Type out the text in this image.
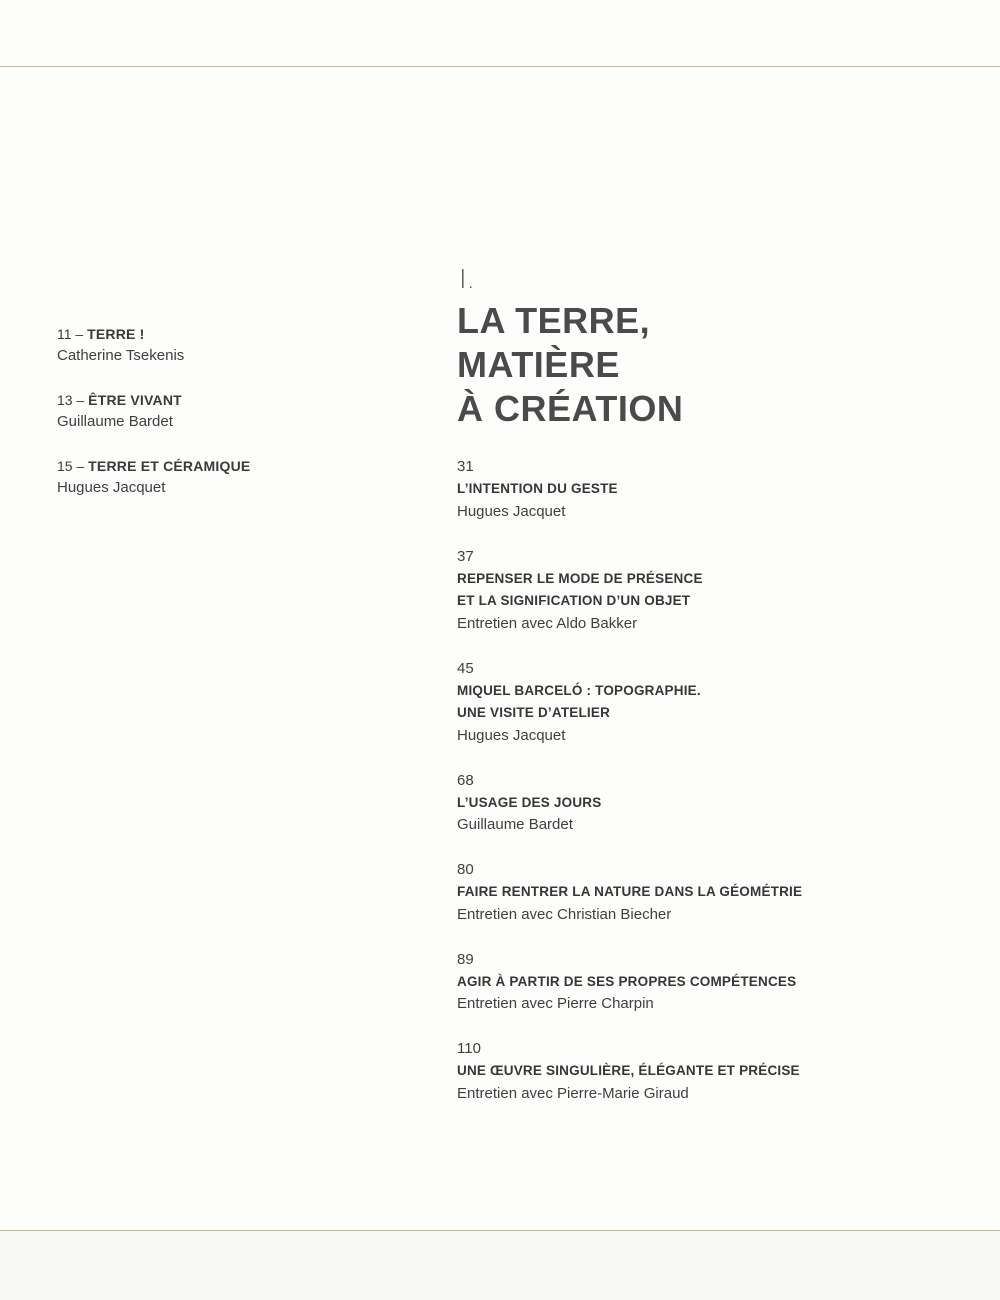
11 – TERRE !
Catherine Tsekenis
13 – ÊTRE VIVANT
Guillaume Bardet
15 – TERRE ET CÉRAMIQUE
Hugues Jacquet
I.
LA TERRE,
MATIÈRE
À CRÉATION
31
L’INTENTION DU GESTE
Hugues Jacquet
37
REPENSER LE MODE DE PRÉSENCE
ET LA SIGNIFICATION D’UN OBJET
Entretien avec Aldo Bakker
45
MIQUEL BARCELÓ : TOPOGRAPHIE.
UNE VISITE D’ATELIER
Hugues Jacquet
68
L’USAGE DES JOURS
Guillaume Bardet
80
FAIRE RENTRER LA NATURE DANS LA GÉOMÉTRIE
Entretien avec Christian Biecher
89
AGIR À PARTIR DE SES PROPRES COMPÉTENCES
Entretien avec Pierre Charpin
110
UNE ŒUVRE SINGULIÈRE, ÉLÉGANTE ET PRÉCISE
Entretien avec Pierre-Marie Giraud
